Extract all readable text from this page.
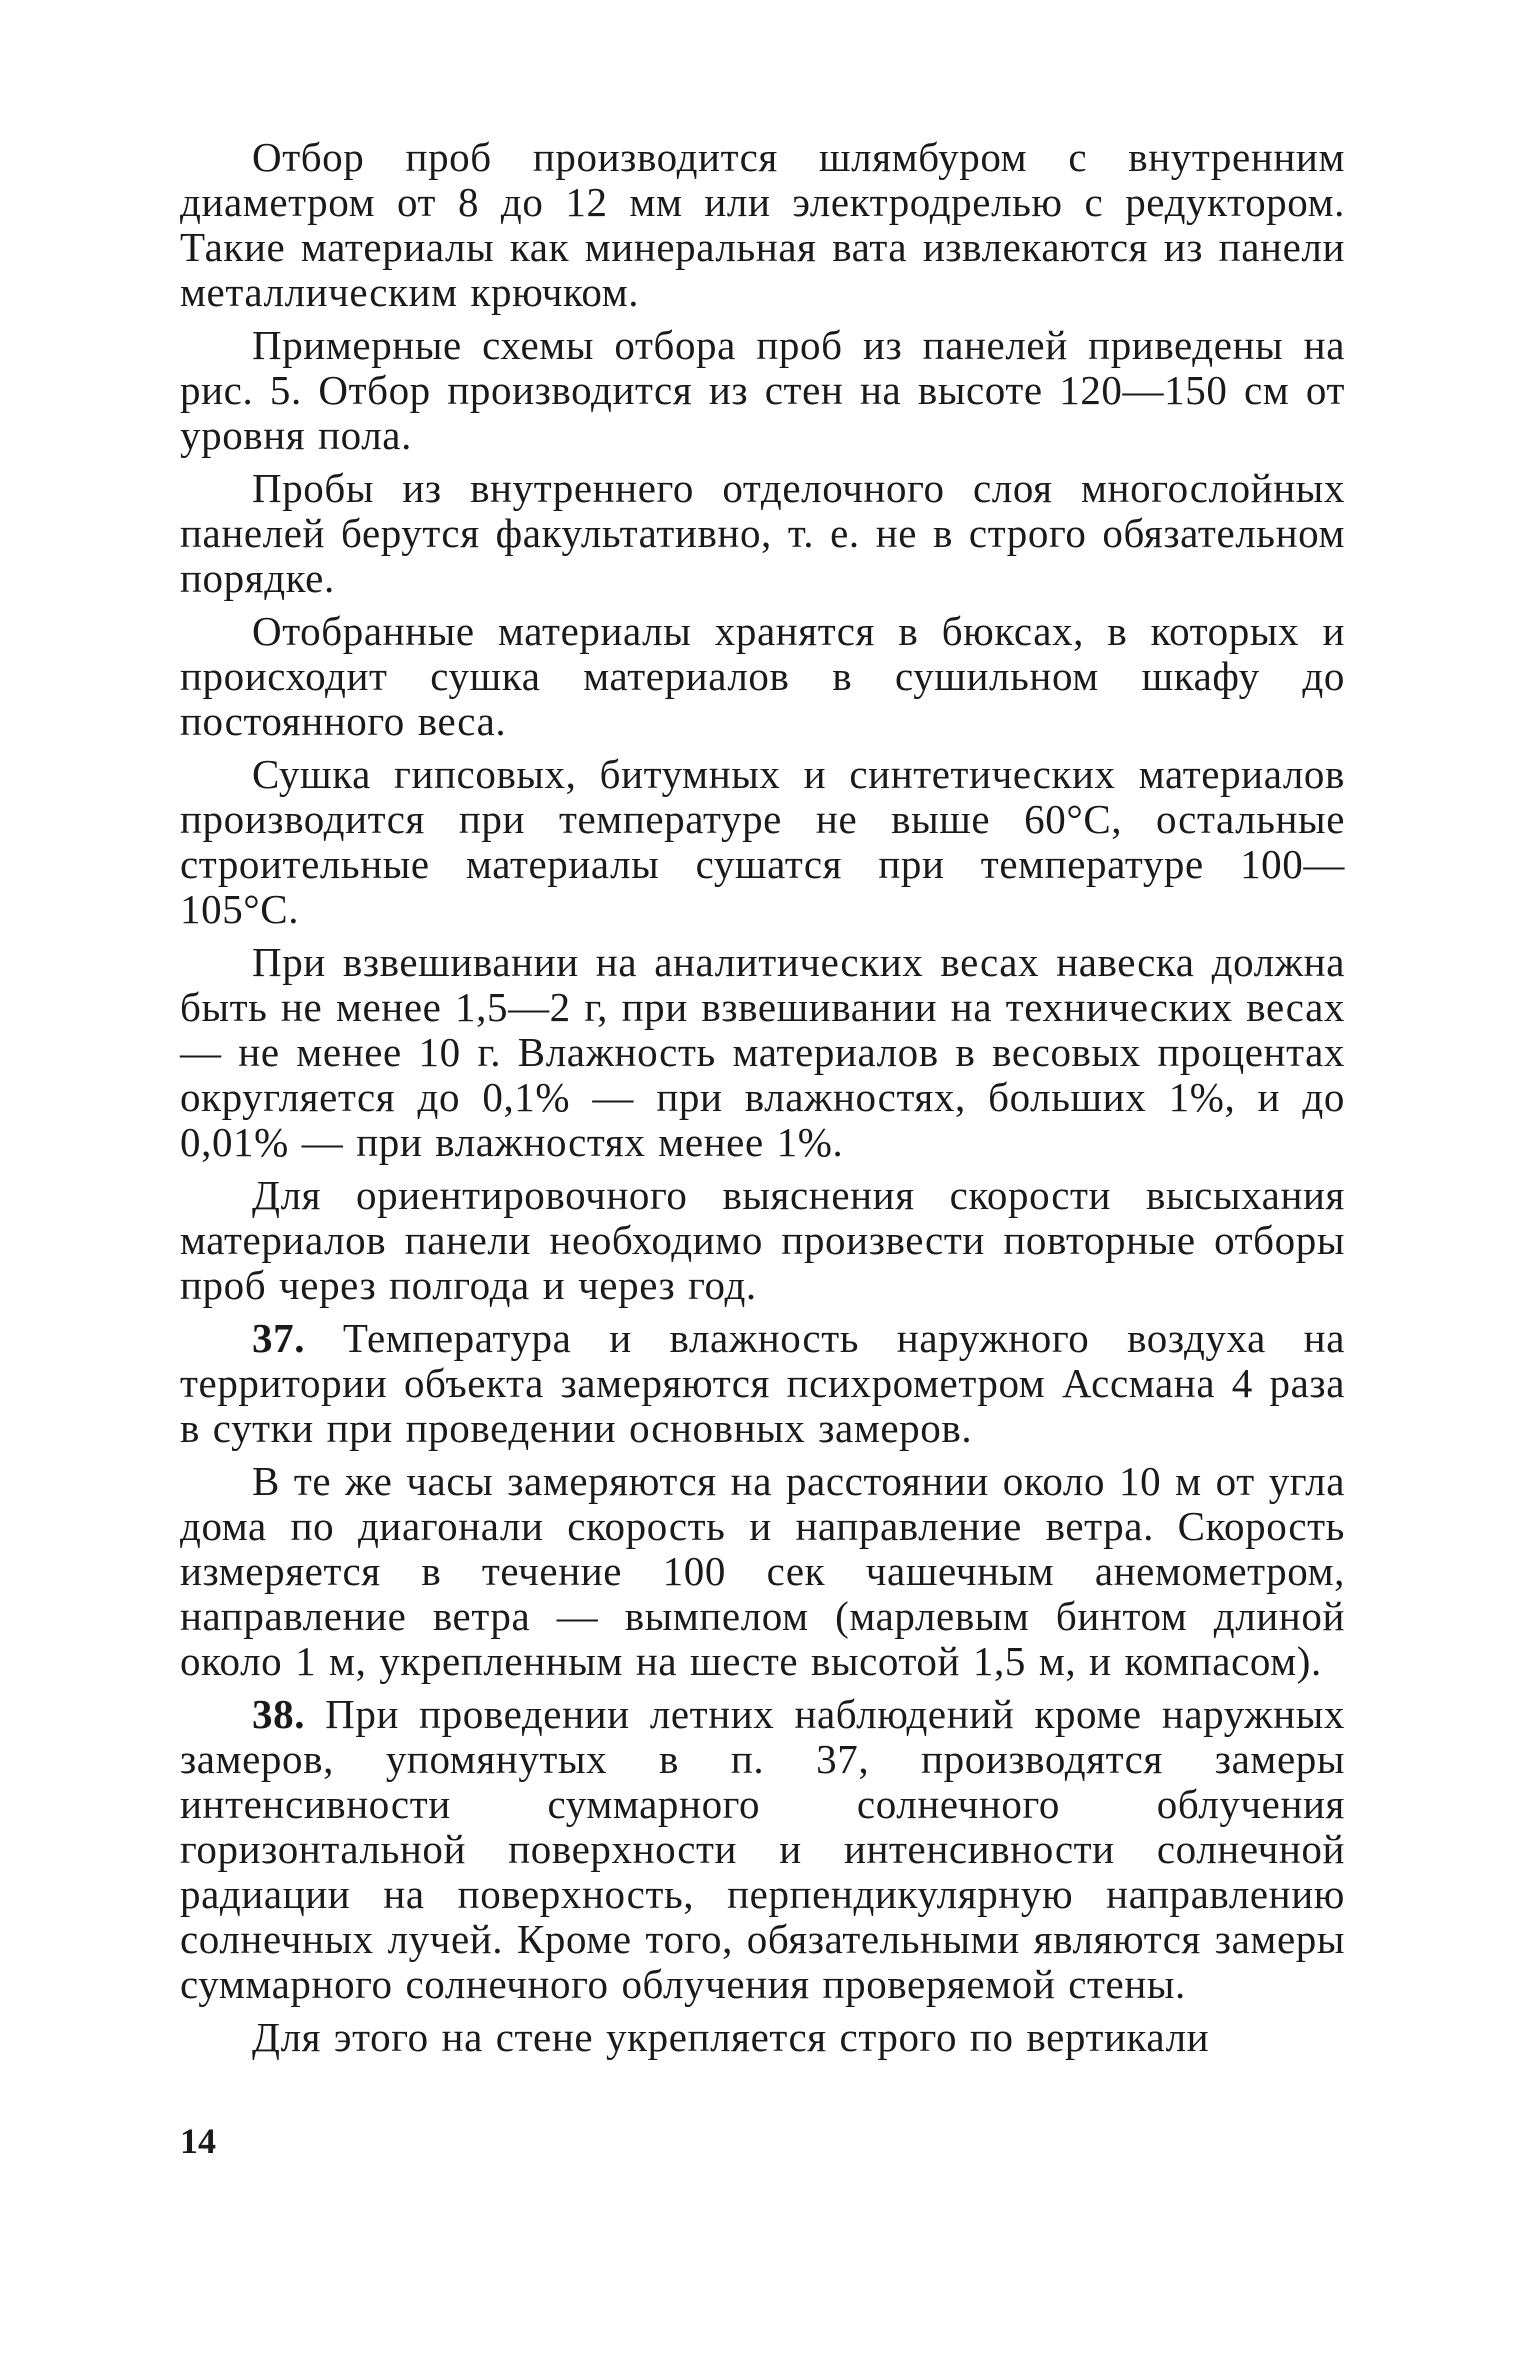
Отбор проб производится шлямбуром с внутренним диаметром от 8 до 12 мм или электродрелью с редуктором. Такие материалы как минеральная вата извлекаются из панели металлическим крючком.

Примерные схемы отбора проб из панелей приведены на рис. 5. Отбор производится из стен на высоте 120—150 см от уровня пола.

Пробы из внутреннего отделочного слоя многослойных панелей берутся факультативно, т. е. не в строго обязательном порядке.

Отобранные материалы хранятся в бюксах, в которых и происходит сушка материалов в сушильном шкафу до постоянного веса.

Сушка гипсовых, битумных и синтетических материалов производится при температуре не выше 60°С, остальные строительные материалы сушатся при температуре 100—105°С.

При взвешивании на аналитических весах навеска должна быть не менее 1,5—2 г, при взвешивании на технических весах — не менее 10 г. Влажность материалов в весовых процентах округляется до 0,1% — при влажностях, больших 1%, и до 0,01% — при влажностях менее 1%.

Для ориентировочного выяснения скорости высыхания материалов панели необходимо произвести повторные отборы проб через полгода и через год.

37. Температура и влажность наружного воздуха на территории объекта замеряются психрометром Ассмана 4 раза в сутки при проведении основных замеров.

В те же часы замеряются на расстоянии около 10 м от угла дома по диагонали скорость и направление ветра. Скорость измеряется в течение 100 сек чашечным анемометром, направление ветра — вымпелом (марлевым бинтом длиной около 1 м, укрепленным на шесте высотой 1,5 м, и компасом).

38. При проведении летних наблюдений кроме наружных замеров, упомянутых в п. 37, производятся замеры интенсивности суммарного солнечного облучения горизонтальной поверхности и интенсивности солнечной радиации на поверхность, перпендикулярную направлению солнечных лучей. Кроме того, обязательными являются замеры суммарного солнечного облучения проверяемой стены.

Для этого на стене укрепляется строго по вертикали

14
